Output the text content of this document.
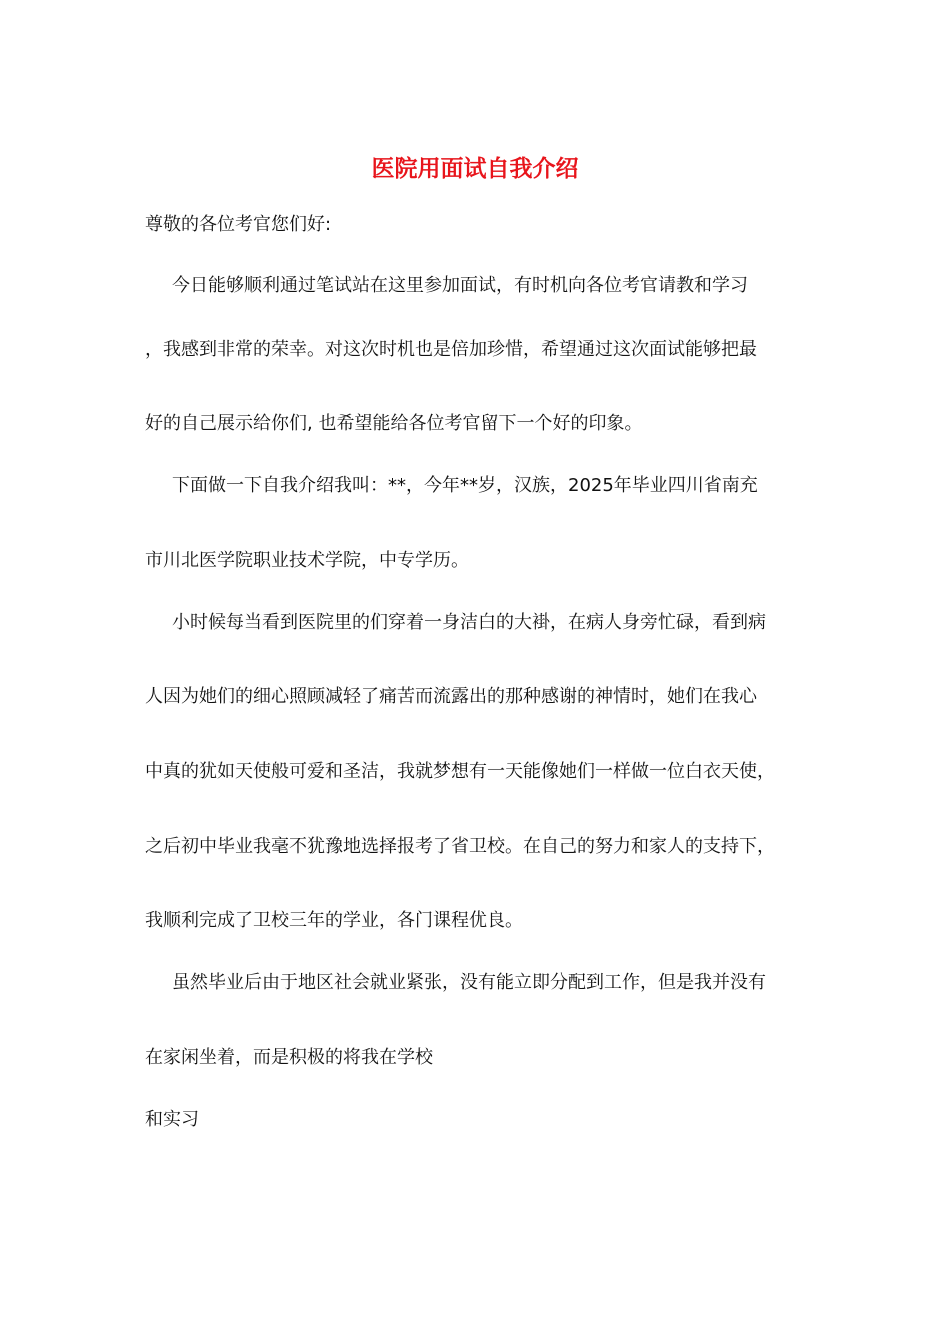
医院用面试自我介绍

尊敬的各位考官您们好:

今日能够顺利通过笔试站在这里参加面试，有时机向各位考官请教和学习

，我感到非常的荣幸。对这次时机也是倍加珍惜，希望通过这次面试能够把最

好的自己展示给你们, 也希望能给各位考官留下一个好的印象。

下面做一下自我介绍我叫：**，今年**岁，汉族，2025年毕业四川省南充

市川北医学院职业技术学院，中专学历。

小时候每当看到医院里的们穿着一身洁白的大褂，在病人身旁忙碌，看到病

人因为她们的细心照顾减轻了痛苦而流露出的那种感谢的神情时，她们在我心

中真的犹如天使般可爱和圣洁，我就梦想有一天能像她们一样做一位白衣天使，

之后初中毕业我毫不犹豫地选择报考了省卫校。在自己的努力和家人的支持下，

我顺利完成了卫校三年的学业，各门课程优良。

虽然毕业后由于地区社会就业紧张，没有能立即分配到工作，但是我并没有

在家闲坐着，而是积极的将我在学校

和实习
